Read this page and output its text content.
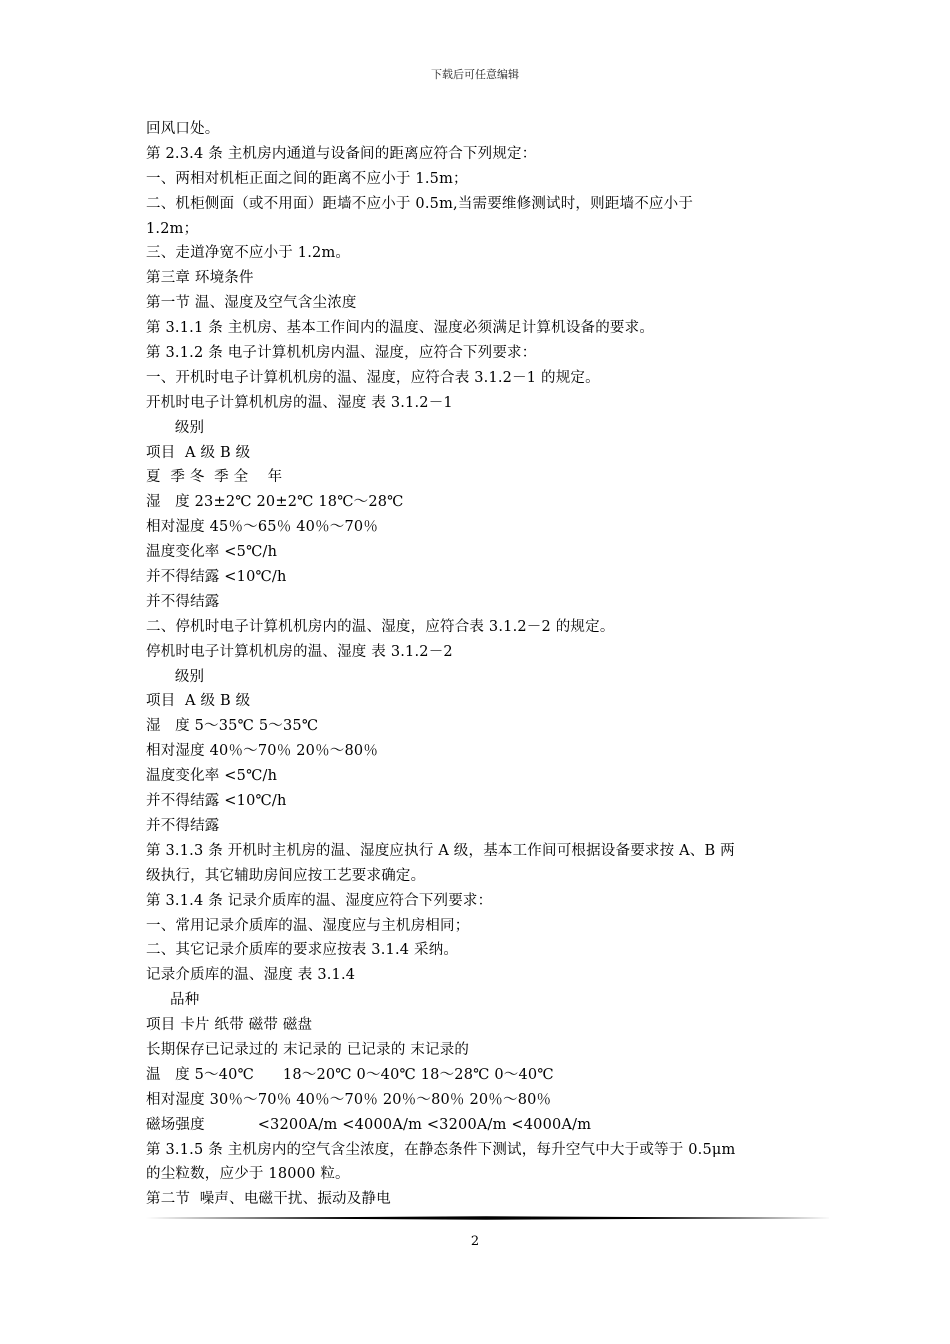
下载后可任意编辑
回风口处。
第 2.3.4 条 主机房内通道与设备间的距离应符合下列规定：
一、两相对机柜正面之间的距离不应小于 1.5m；
二、机柜侧面（或不用面）距墙不应小于 0.5m,当需要维修测试时，则距墙不应小于
1.2m；
三、走道净宽不应小于 1.2m。
第三章 环境条件
第一节 温、湿度及空气含尘浓度
第 3.1.1 条 主机房、基本工作间内的温度、湿度必须满足计算机设备的要求。
第 3.1.2 条 电子计算机机房内温、湿度，应符合下列要求：
一、开机时电子计算机机房的温、湿度，应符合表 3.1.2－1 的规定。
开机时电子计算机机房的温、湿度 表 3.1.2－1
级别
项目  A 级 B 级
夏  季 冬  季 全    年
湿   度 23±2℃ 20±2℃ 18℃～28℃
相对湿度 45％～65％ 40％～70％
温度变化率 <5℃/h
并不得结露 <10℃/h
并不得结露
二、停机时电子计算机机房内的温、湿度，应符合表 3.1.2－2 的规定。
停机时电子计算机机房的温、湿度 表 3.1.2－2
级别
项目  A 级 B 级
湿   度 5～35℃ 5～35℃
相对湿度 40％～70％ 20％～80％
温度变化率 <5℃/h
并不得结露 <10℃/h
并不得结露
第 3.1.3 条 开机时主机房的温、湿度应执行 A 级，基本工作间可根据设备要求按 A、B 两
级执行，其它辅助房间应按工艺要求确定。
第 3.1.4 条 记录介质库的温、湿度应符合下列要求：
一、常用记录介质库的温、湿度应与主机房相同；
二、其它记录介质库的要求应按表 3.1.4 采纳。
记录介质库的温、湿度 表 3.1.4
品种
项目 卡片 纸带 磁带 磁盘
长期保存已记录过的 末记录的 已记录的 末记录的
温   度 5～40℃      18～20℃ 0～40℃ 18～28℃ 0～40℃
相对湿度 30％～70％ 40％～70％ 20％～80％ 20％～80％
磁场强度           <3200A/m <4000A/m <3200A/m <4000A/m
第 3.1.5 条 主机房内的空气含尘浓度，在静态条件下测试，每升空气中大于或等于 0.5μm
的尘粒数，应少于 18000 粒。
第二节  噪声、电磁干扰、振动及静电
2
